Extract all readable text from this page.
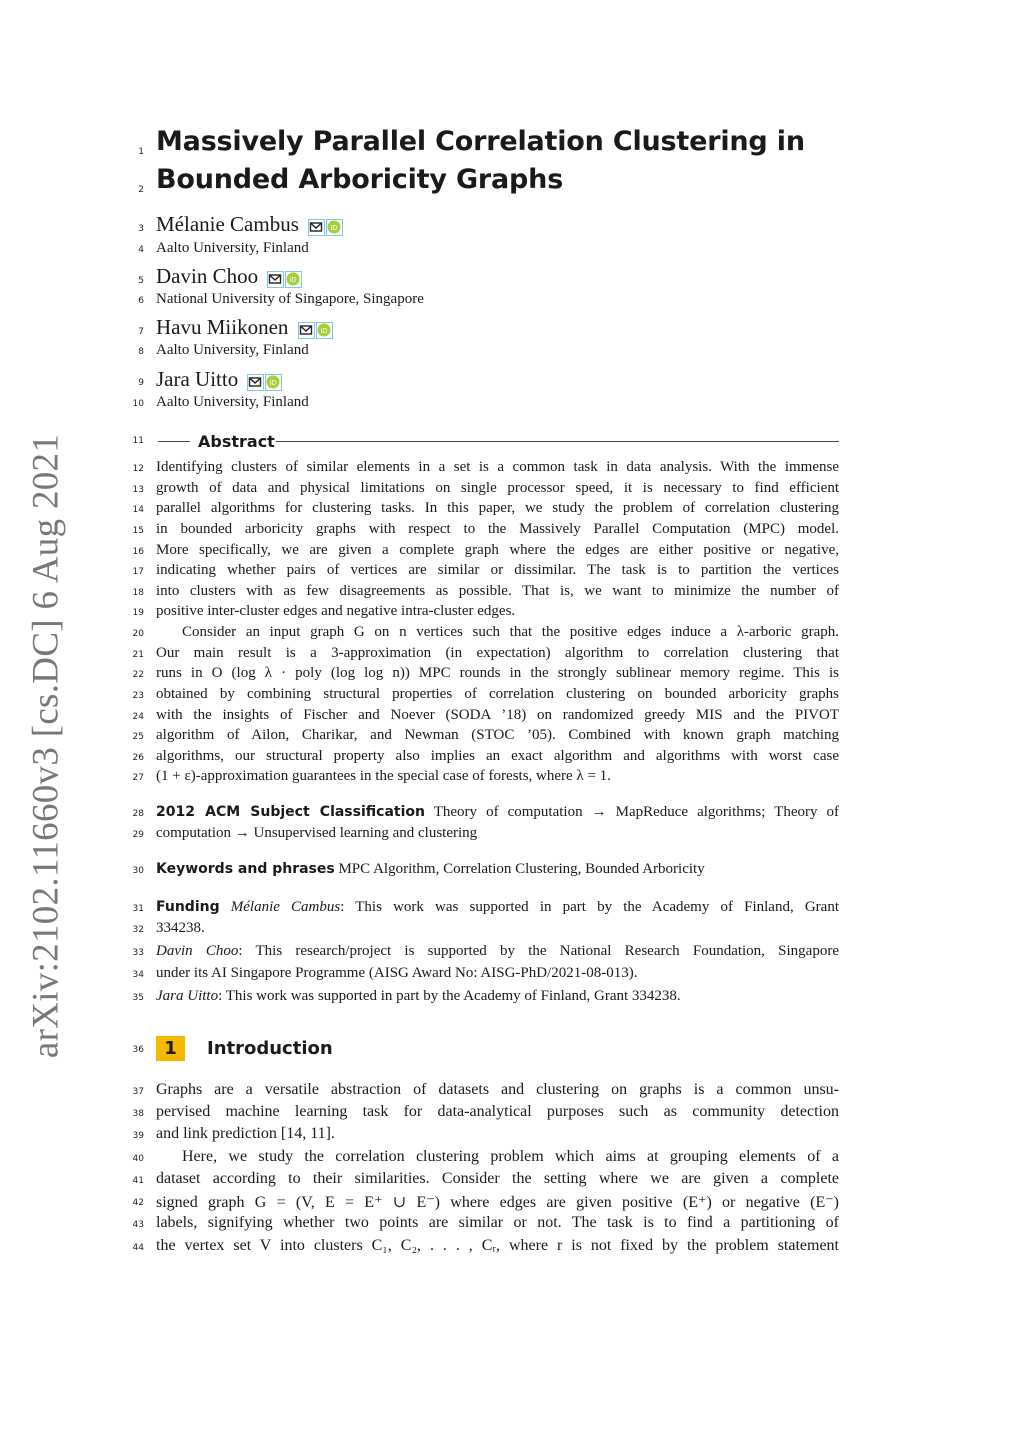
arXiv:2102.11660v3 [cs.DC] 6 Aug 2021
1
2
3
4
5
6
7
8
9
10
11
12
13
14
15
16
17
18
19
20
21
22
23
24
25
26
27
28
29
30
31
32
33
34
35
36
37
38
39
40
41
42
43
44
Massively Parallel Correlation Clustering in
Bounded Arboricity Graphs
Mélanie Cambus	iD
Aalto University, Finland
Davin Choo	iD
National University of Singapore, Singapore
Havu Miikonen	iD
Aalto University, Finland
Jara Uitto	iD
Aalto University, Finland
Abstract
Identifying clusters of similar elements in a set is a common task in data analysis. With the immense
growth of data and physical limitations on single processor speed, it is necessary to find efficient
parallel algorithms for clustering tasks. In this paper, we study the problem of correlation clustering
in bounded arboricity graphs with respect to the Massively Parallel Computation (MPC) model.
More specifically, we are given a complete graph where the edges are either positive or negative,
indicating whether pairs of vertices are similar or dissimilar. The task is to partition the vertices
into clusters with as few disagreements as possible. That is, we want to minimize the number of
positive inter-cluster edges and negative intra-cluster edges.
Consider an input graph G on n vertices such that the positive edges induce a λ-arboric graph.
Our main result is a 3-approximation (in expectation) algorithm to correlation clustering that
runs in O (log λ · poly (log log n)) MPC rounds in the strongly sublinear memory regime. This is
obtained by combining structural properties of correlation clustering on bounded arboricity graphs
with the insights of Fischer and Noever (SODA ’18) on randomized greedy MIS and the PIVOT
algorithm of Ailon, Charikar, and Newman (STOC ’05). Combined with known graph matching
algorithms, our structural property also implies an exact algorithm and algorithms with worst case
(1 + ε)-approximation guarantees in the special case of forests, where λ = 1.
2012 ACM Subject Classification Theory of computation → MapReduce algorithms; Theory of
computation → Unsupervised learning and clustering
Keywords and phrases MPC Algorithm, Correlation Clustering, Bounded Arboricity
Funding Mélanie Cambus: This work was supported in part by the Academy of Finland, Grant
334238.
Davin Choo: This research/project is supported by the National Research Foundation, Singapore
under its AI Singapore Programme (AISG Award No: AISG-PhD/2021-08-013).
Jara Uitto: This work was supported in part by the Academy of Finland, Grant 334238.
1	Introduction
Graphs are a versatile abstraction of datasets and clustering on graphs is a common unsu-
pervised machine learning task for data-analytical purposes such as community detection
and link prediction [14, 11].
Here, we study the correlation clustering problem which aims at grouping elements of a
dataset according to their similarities. Consider the setting where we are given a complete
signed graph G = (V, E = E⁺ ∪ E⁻) where edges are given positive (E⁺) or negative (E⁻)
labels, signifying whether two points are similar or not. The task is to find a partitioning of
the vertex set V into clusters C₁, C₂, . . . , Cᵣ, where r is not fixed by the problem statement
